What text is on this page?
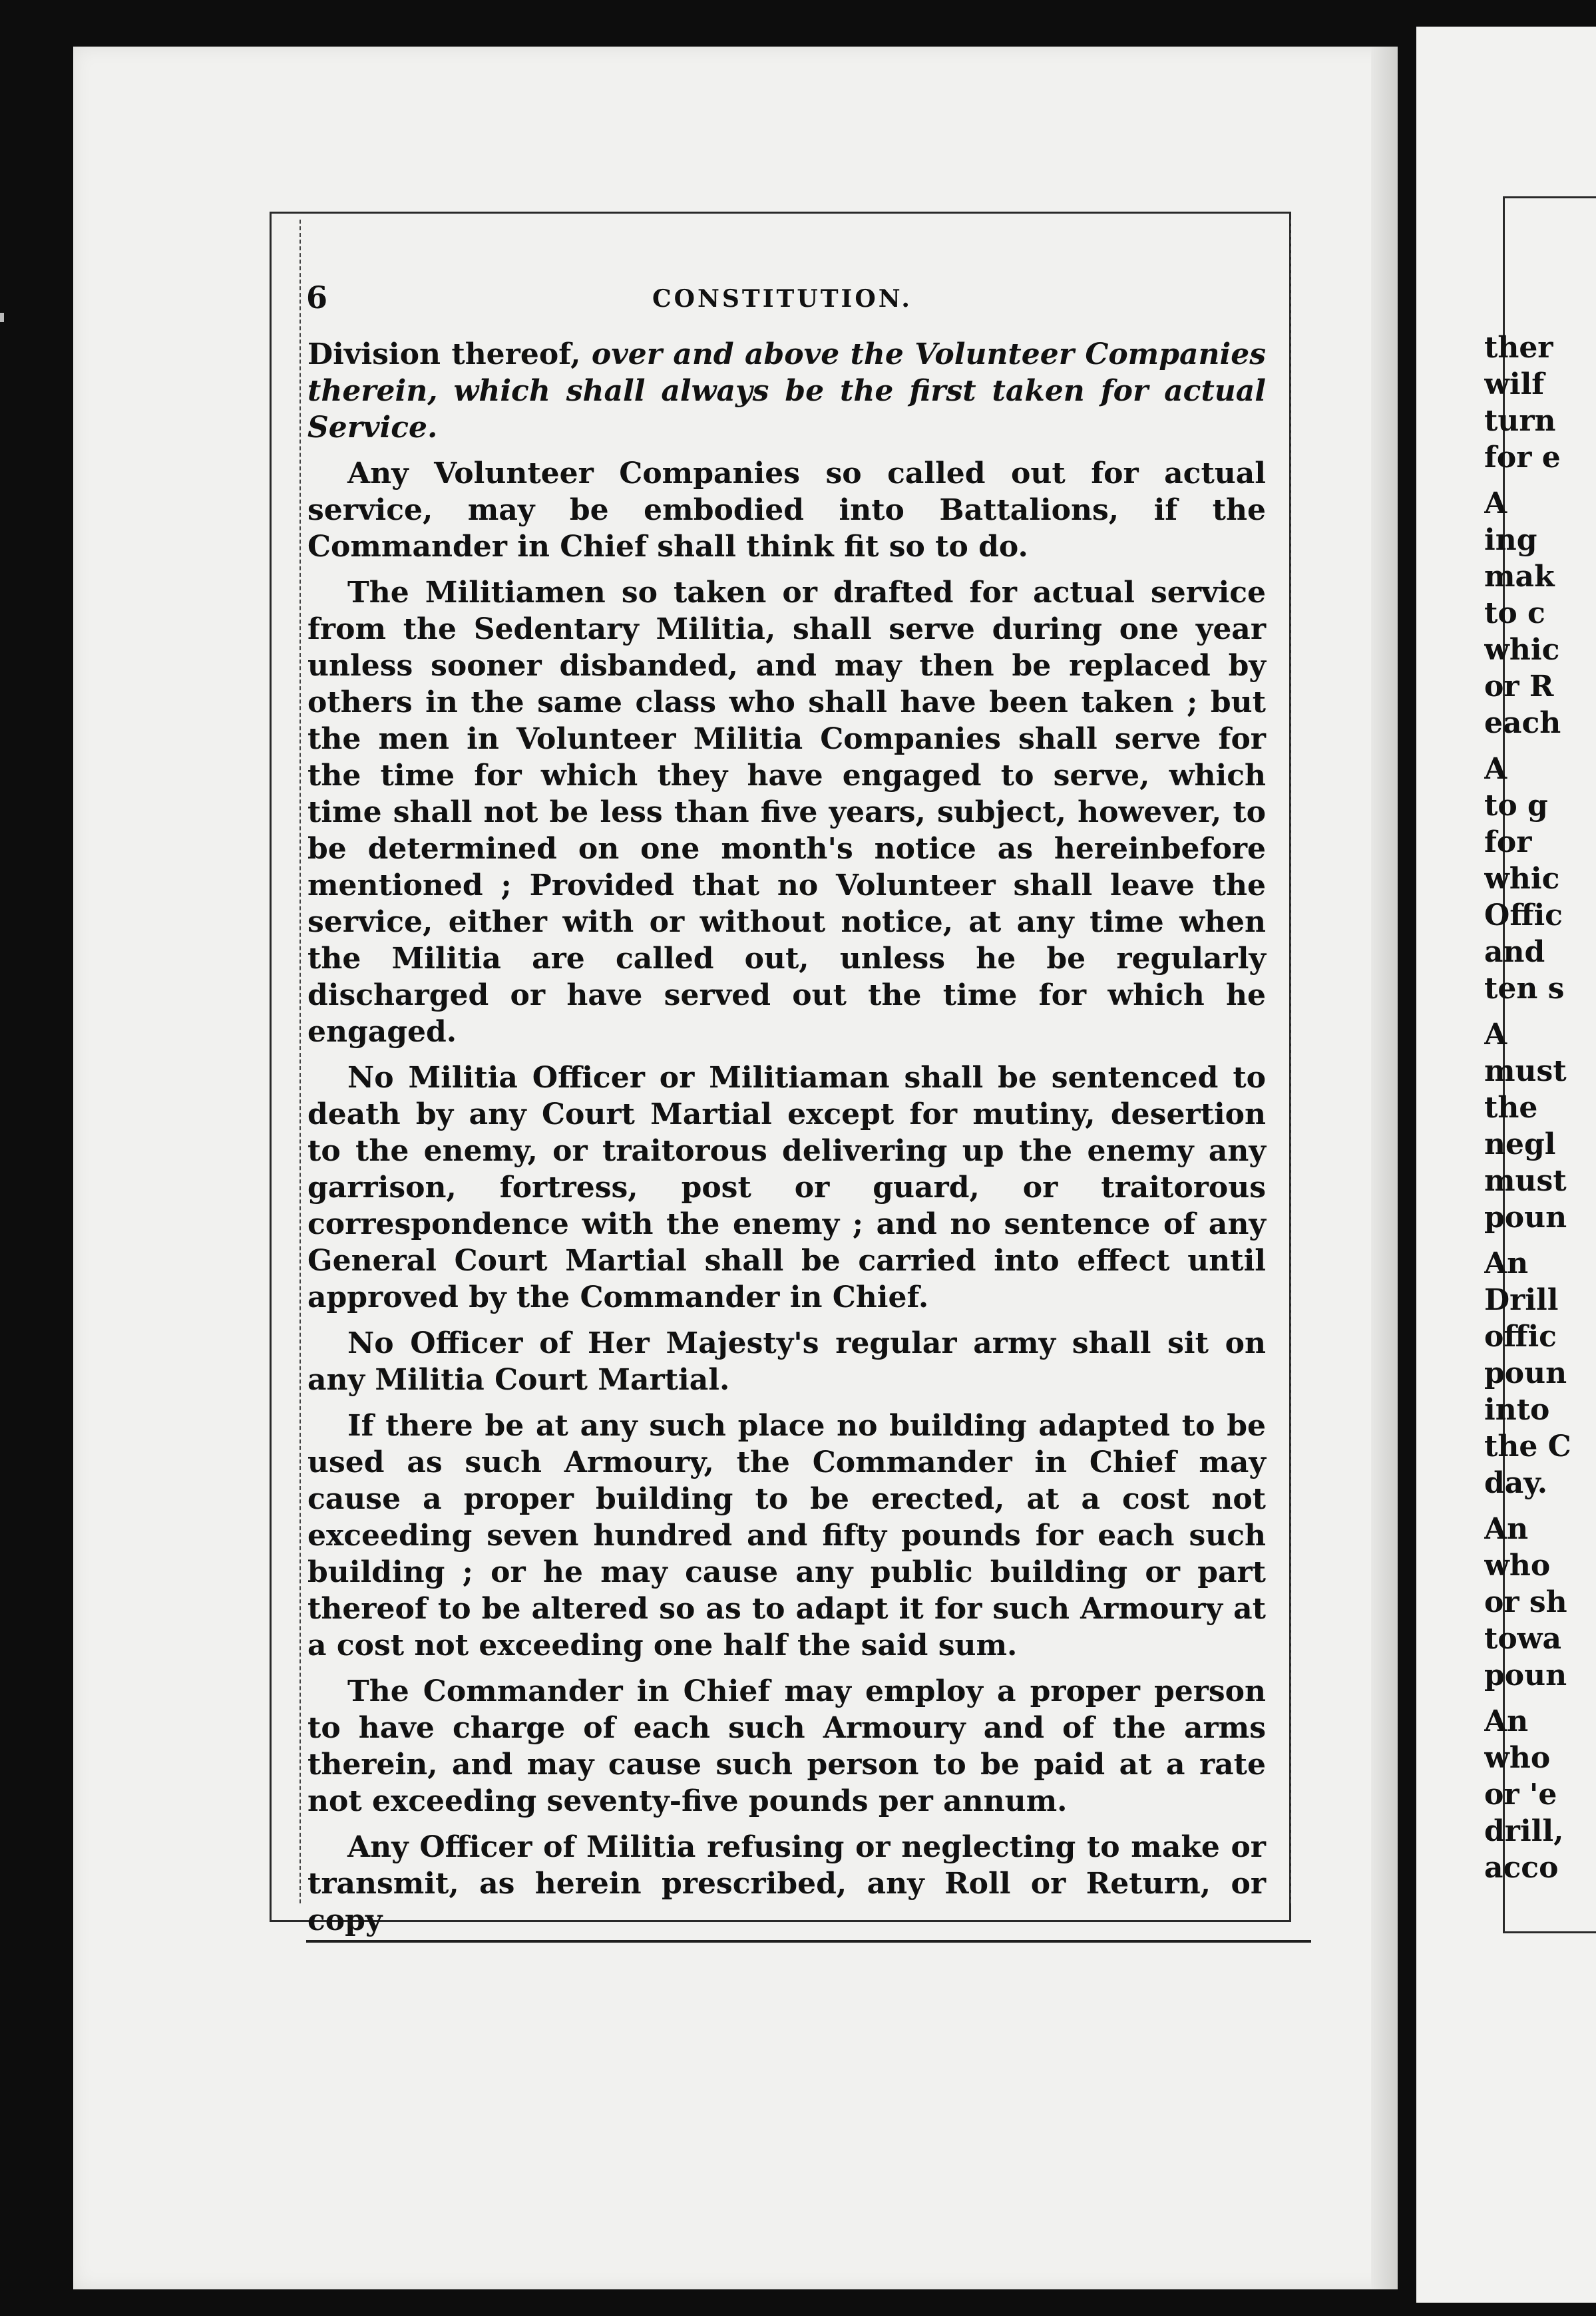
6	CONSTITUTION.

Division thereof, over and above the Volunteer Companies therein, which shall always be the first taken for actual Service.

Any Volunteer Companies so called out for actual service, may be embodied into Battalions, if the Commander in Chief shall think fit so to do.

The Militiamen so taken or drafted for actual service from the Sedentary Militia, shall serve during one year unless sooner disbanded, and may then be replaced by others in the same class who shall have been taken ; but the men in Volunteer Militia Companies shall serve for the time for which they have engaged to serve, which time shall not be less than five years, subject, however, to be determined on one month's notice as hereinbefore mentioned ; Provided that no Volunteer shall leave the service, either with or without notice, at any time when the Militia are called out, unless he be regularly discharged or have served out the time for which he engaged.

No Militia Officer or Militiaman shall be sentenced to death by any Court Martial except for mutiny, desertion to the enemy, or traitorous delivering up the enemy any garrison, fortress, post or guard, or traitorous correspondence with the enemy ; and no sentence of any General Court Martial shall be carried into effect until approved by the Commander in Chief.

No Officer of Her Majesty's regular army shall sit on any Militia Court Martial.

If there be at any such place no building adapted to be used as such Armoury, the Commander in Chief may cause a proper building to be erected, at a cost not exceeding seven hundred and fifty pounds for each such building ; or he may cause any public building or part thereof to be altered so as to adapt it for such Armoury at a cost not exceeding one half the said sum.

The Commander in Chief may employ a proper person to have charge of each such Armoury and of the arms therein, and may cause such person to be paid at a rate not exceeding seventy-five pounds per annum.

Any Officer of Militia refusing or neglecting to make or transmit, as herein prescribed, any Roll or Return, or copy

ther
wilf
turn
for e
A
ing
mak
to c
whic
or R
each
A
to g
for
whic
Offic
and
ten s
A
must
the
negl
must
poun
An
Drill
offic
poun
into
the C
day.
An
who
or sh
towa
poun
An
who
or 'e
drill,
acco
